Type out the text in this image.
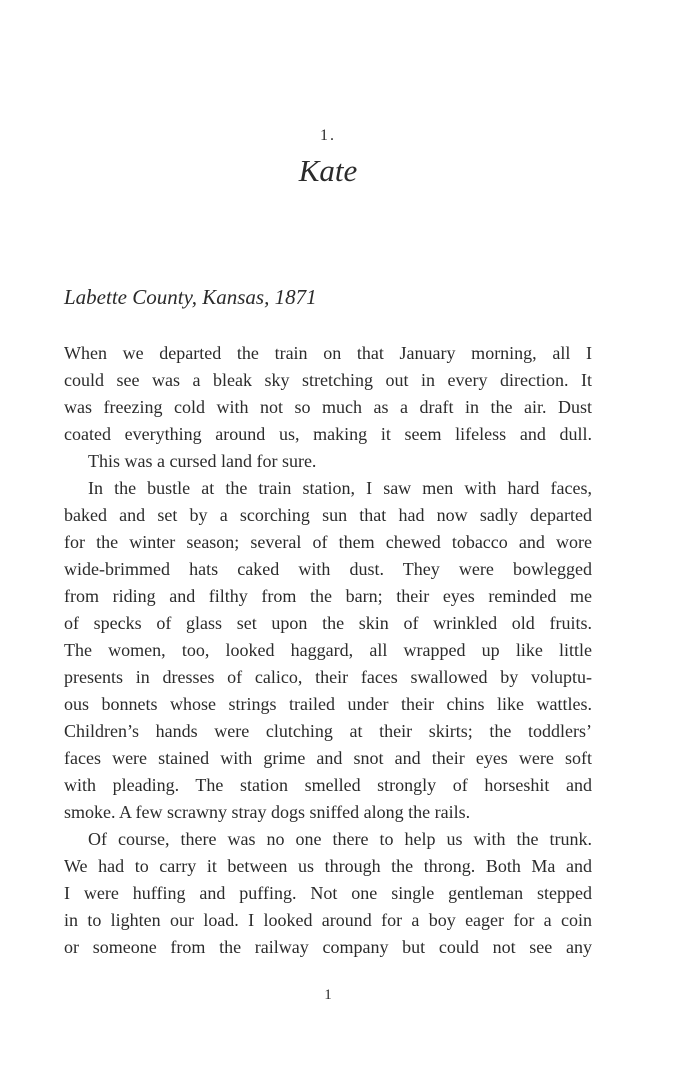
1.
Kate
Labette County, Kansas, 1871
When we departed the train on that January morning, all I
could see was a bleak sky stretching out in every direction. It
was freezing cold with not so much as a draft in the air. Dust
coated everything around us, making it seem lifeless and dull.
This was a cursed land for sure.
In the bustle at the train station, I saw men with hard faces,
baked and set by a scorching sun that had now sadly departed
for the winter season; several of them chewed tobacco and wore
wide-brimmed hats caked with dust. They were bowlegged
from riding and filthy from the barn; their eyes reminded me
of specks of glass set upon the skin of wrinkled old fruits.
The women, too, looked haggard, all wrapped up like little
presents in dresses of calico, their faces swallowed by voluptu-
ous bonnets whose strings trailed under their chins like wattles.
Children’s hands were clutching at their skirts; the toddlers’
faces were stained with grime and snot and their eyes were soft
with pleading. The station smelled strongly of horseshit and
smoke. A few scrawny stray dogs sniffed along the rails.
Of course, there was no one there to help us with the trunk.
We had to carry it between us through the throng. Both Ma and
I were huffing and puffing. Not one single gentleman stepped
in to lighten our load. I looked around for a boy eager for a coin
or someone from the railway company but could not see any
1
